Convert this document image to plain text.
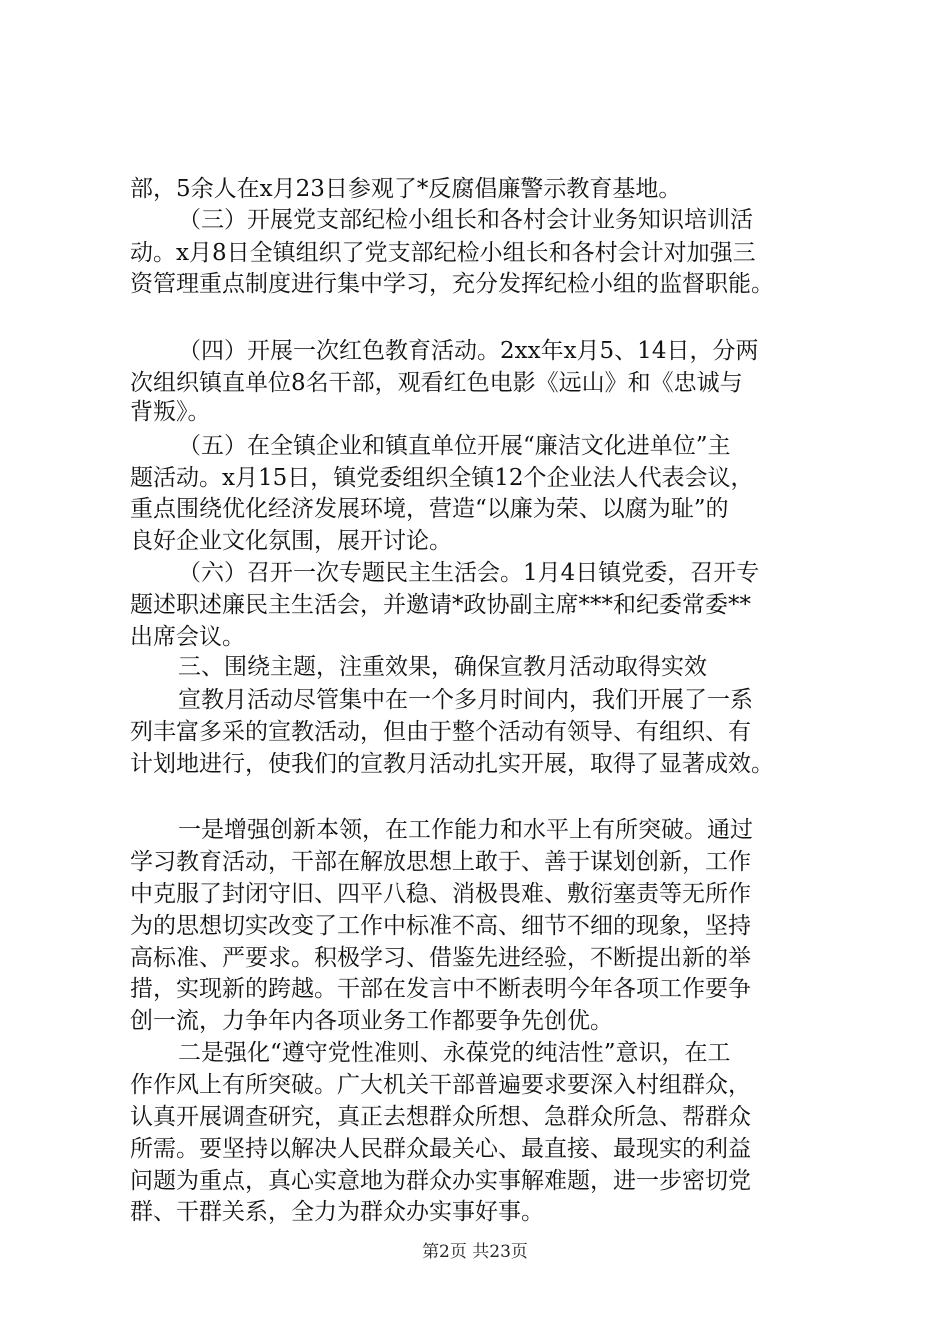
部，5余人在x月23日参观了*反腐倡廉警示教育基地。
（三）开展党支部纪检小组长和各村会计业务知识培训活
动。x月8日全镇组织了党支部纪检小组长和各村会计对加强三
资管理重点制度进行集中学习，充分发挥纪检小组的监督职能。
（四）开展一次红色教育活动。2xx年x月5、14日，分两
次组织镇直单位8名干部，观看红色电影《远山》和《忠诚与
背叛》。
（五）在全镇企业和镇直单位开展“廉洁文化进单位”主
题活动。x月15日，镇党委组织全镇12个企业法人代表会议，
重点围绕优化经济发展环境，营造“以廉为荣、以腐为耻”的
良好企业文化氛围，展开讨论。
（六）召开一次专题民主生活会。1月4日镇党委，召开专
题述职述廉民主生活会，并邀请*政协副主席***和纪委常委**
出席会议。
三、围绕主题，注重效果，确保宣教月活动取得实效
宣教月活动尽管集中在一个多月时间内，我们开展了一系
列丰富多采的宣教活动，但由于整个活动有领导、有组织、有
计划地进行，使我们的宣教月活动扎实开展，取得了显著成效。
一是增强创新本领，在工作能力和水平上有所突破。通过
学习教育活动，干部在解放思想上敢于、善于谋划创新，工作
中克服了封闭守旧、四平八稳、消极畏难、敷衍塞责等无所作
为的思想切实改变了工作中标准不高、细节不细的现象，坚持
高标准、严要求。积极学习、借鉴先进经验，不断提出新的举
措，实现新的跨越。干部在发言中不断表明今年各项工作要争
创一流，力争年内各项业务工作都要争先创优。
二是强化“遵守党性准则、永葆党的纯洁性”意识，在工
作作风上有所突破。广大机关干部普遍要求要深入村组群众，
认真开展调查研究，真正去想群众所想、急群众所急、帮群众
所需。要坚持以解决人民群众最关心、最直接、最现实的利益
问题为重点，真心实意地为群众办实事解难题，进一步密切党
群、干群关系，全力为群众办实事好事。
第2页 共23页
